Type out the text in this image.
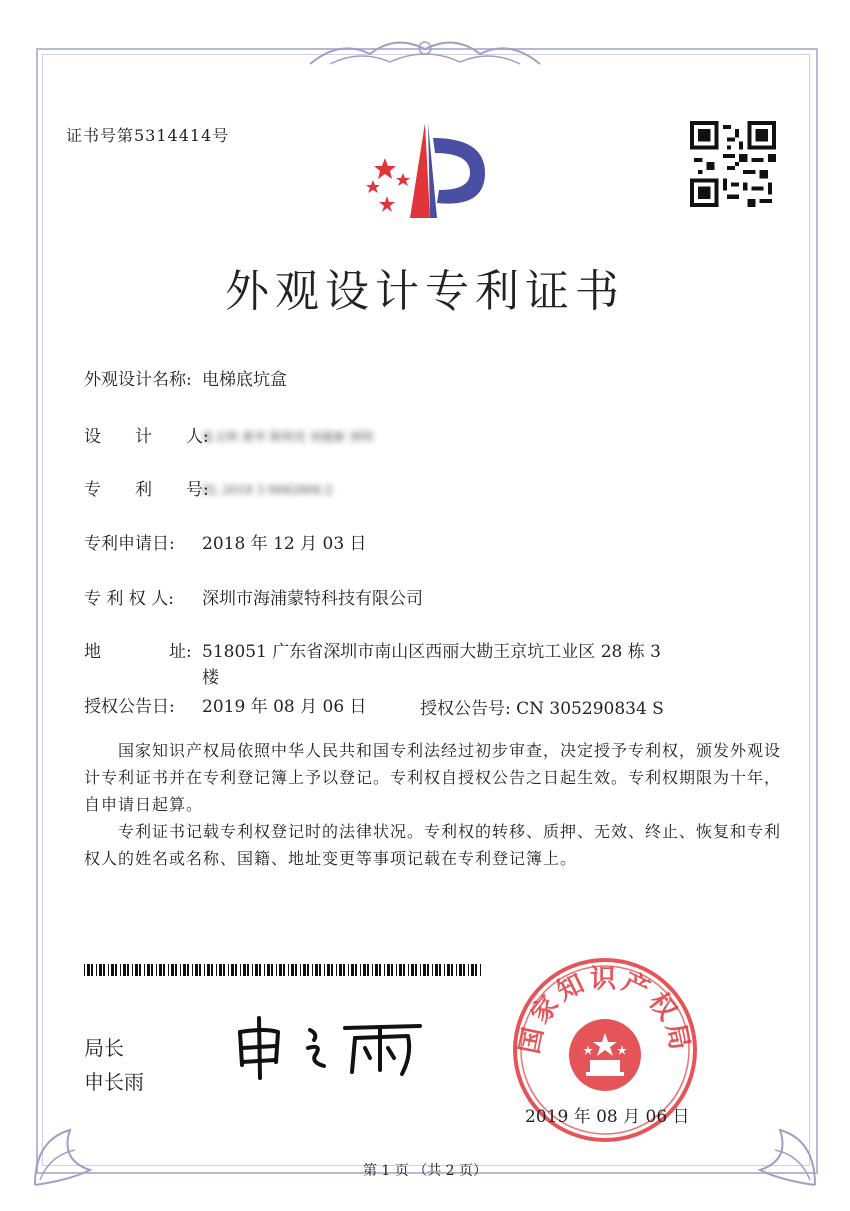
证书号第5314414号
外观设计专利证书
外观设计名称: 电梯底坑盒
设　　计　　人:
张文明 黄华 陈明亮 刘建新 周明
专　　利　　号:
ZL 2018 3 0682806.2
专利申请日:	2018 年 12 月 03 日
专 利 权 人:	深圳市海浦蒙特科技有限公司
地　　　　址: 518051 广东省深圳市南山区西丽大勘王京坑工业区 28 栋 3 楼
授权公告日:	2019 年 08 月 06 日	授权公告号: CN 305290834 S
国家知识产权局依照中华人民共和国专利法经过初步审查，决定授予专利权，颁发外观设计专利证书并在专利登记簿上予以登记。专利权自授权公告之日起生效。专利权期限为十年，自申请日起算。
专利证书记载专利权登记时的法律状况。专利权的转移、质押、无效、终止、恢复和专利权人的姓名或名称、国籍、地址变更等事项记载在专利登记簿上。
局长
申长雨
国家知识产权局
2019 年 08 月 06 日
第 1 页 （共 2 页）
